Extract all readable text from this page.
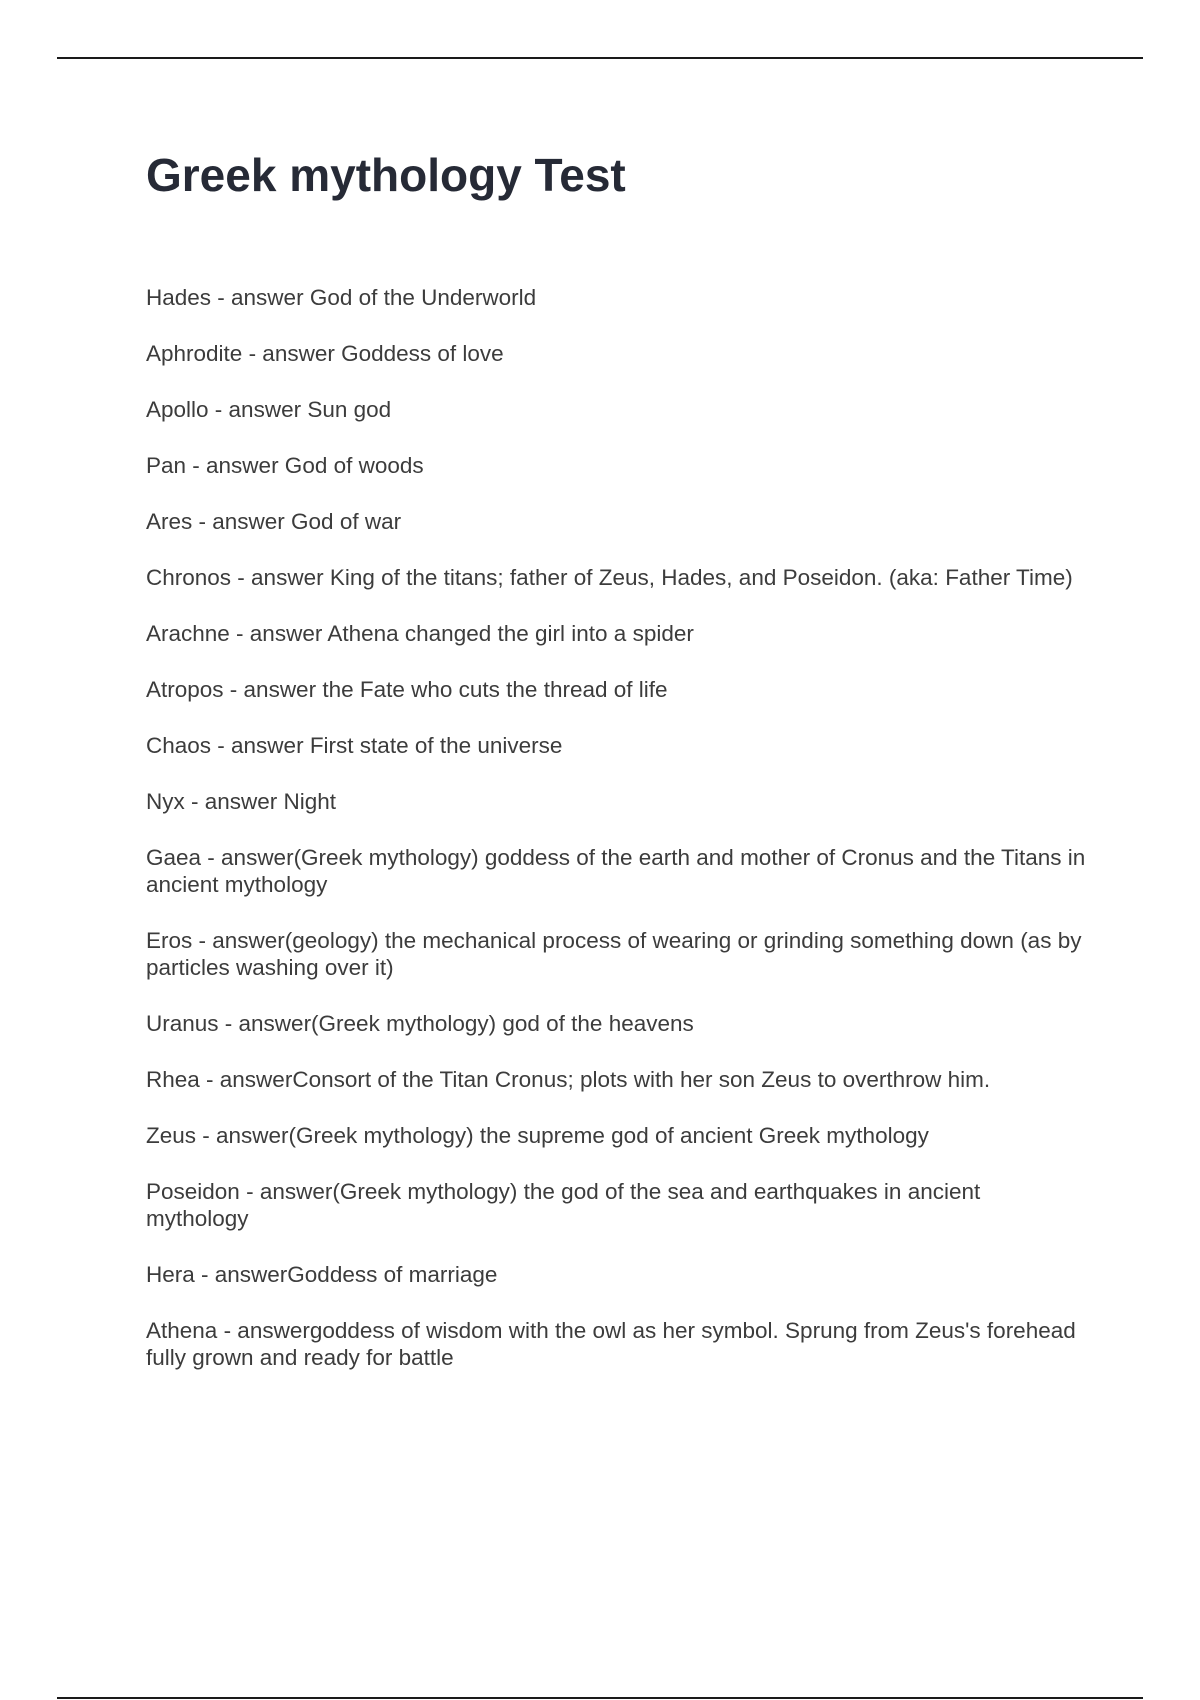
Greek mythology Test
Hades - answer God of the Underworld
Aphrodite - answer Goddess of love
Apollo - answer Sun god
Pan - answer God of woods
Ares - answer God of war
Chronos - answer King of the titans; father of Zeus, Hades, and Poseidon. (aka: Father Time)
Arachne - answer Athena changed the girl into a spider
Atropos - answer the Fate who cuts the thread of life
Chaos - answer First state of the universe
Nyx - answer Night
Gaea - answer(Greek mythology) goddess of the earth and mother of Cronus and the Titans in ancient mythology
Eros - answer(geology) the mechanical process of wearing or grinding something down (as by particles washing over it)
Uranus - answer(Greek mythology) god of the heavens
Rhea - answerConsort of the Titan Cronus; plots with her son Zeus to overthrow him.
Zeus - answer(Greek mythology) the supreme god of ancient Greek mythology
Poseidon - answer(Greek mythology) the god of the sea and earthquakes in ancient mythology
Hera - answerGoddess of marriage
Athena - answergoddess of wisdom with the owl as her symbol. Sprung from Zeus's forehead fully grown and ready for battle
